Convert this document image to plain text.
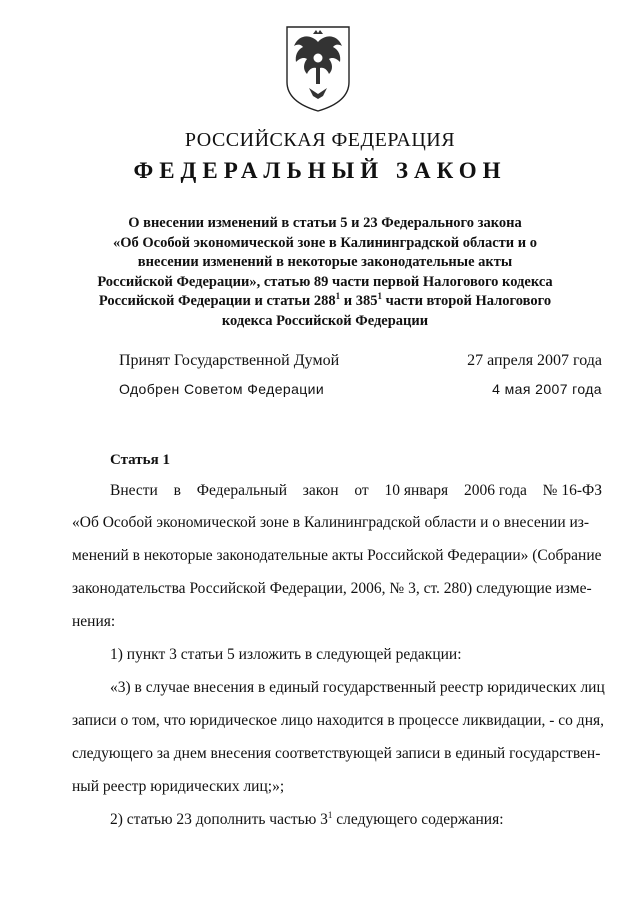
РОССИЙСКАЯ ФЕДЕРАЦИЯ
ФЕДЕРАЛЬНЫЙ ЗАКОН
О внесении изменений в статьи 5 и 23 Федерального закона
«Об Особой экономической зоне в Калининградской области и о
внесении изменений в некоторые законодательные акты
Российской Федерации», статью 89 части первой Налогового кодекса
Российской Федерации и статьи $288^1$ и $385^1$ части второй Налогового
кодекса Российской Федерации
Принят Государственной Думой	27 апреля 2007 года
Одобрен Советом Федерации	4 мая 2007 года
Статья 1
Внести в Федеральный закон от 10 января 2006 года № 16-ФЗ
«Об Особой экономической зоне в Калининградской области и о внесении из-
менений в некоторые законодательные акты Российской Федерации» (Собрание
законодательства Российской Федерации, 2006, № 3, ст. 280) следующие изме-
нения:
1) пункт 3 статьи 5 изложить в следующей редакции:
«3) в случае внесения в единый государственный реестр юридических лиц
записи о том, что юридическое лицо находится в процессе ликвидации, - со дня,
следующего за днем внесения соответствующей записи в единый государствен-
ный реестр юридических лиц;»;
2) статью 23 дополнить частью $3^1$ следующего содержания:
